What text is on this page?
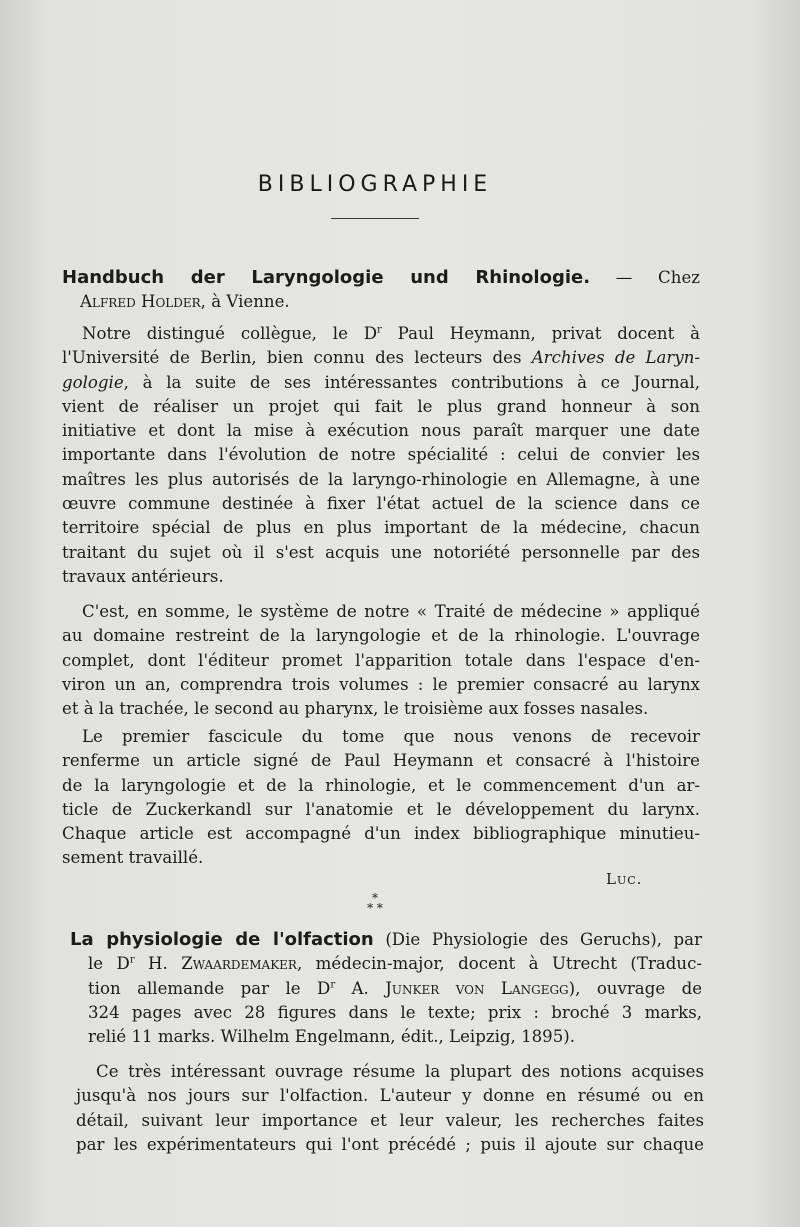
BIBLIOGRAPHIE
Handbuch der Laryngologie und Rhinologie. — Chez
Alfred Holder, à Vienne.
Notre distingué collègue, le $D^r$ Paul Heymann, privat docent à
l'Université de Berlin, bien connu des lecteurs des Archives de Laryn-
gologie, à la suite de ses intéressantes contributions à ce Journal,
vient de réaliser un projet qui fait le plus grand honneur à son
initiative et dont la mise à exécution nous paraît marquer une date
importante dans l'évolution de notre spécialité : celui de convier les
maîtres les plus autorisés de la laryngo-rhinologie en Allemagne, à une
œuvre commune destinée à fixer l'état actuel de la science dans ce
territoire spécial de plus en plus important de la médecine, chacun
traitant du sujet où il s'est acquis une notoriété personnelle par des
travaux antérieurs.
C'est, en somme, le système de notre « Traité de médecine » appliqué
au domaine restreint de la laryngologie et de la rhinologie. L'ouvrage
complet, dont l'éditeur promet l'apparition totale dans l'espace d'en-
viron un an, comprendra trois volumes : le premier consacré au larynx
et à la trachée, le second au pharynx, le troisième aux fosses nasales.
Le premier fascicule du tome que nous venons de recevoir
renferme un article signé de Paul Heymann et consacré à l'histoire
de la laryngologie et de la rhinologie, et le commencement d'un ar-
ticle de Zuckerkandl sur l'anatomie et le développement du larynx.
Chaque article est accompagné d'un index bibliographique minutieu-
sement travaillé.
Luc.
*
* *
La physiologie de l'olfaction (Die Physiologie des Geruchs), par
le $D^r$ H. Zwaardemaker, médecin-major, docent à Utrecht (Traduc-
tion allemande par le $D^r$ A. Junker von Langegg), ouvrage de
324 pages avec 28 figures dans le texte; prix : broché 3 marks,
relié 11 marks. Wilhelm Engelmann, édit., Leipzig, 1895).
Ce très intéressant ouvrage résume la plupart des notions acquises
jusqu'à nos jours sur l'olfaction. L'auteur y donne en résumé ou en
détail, suivant leur importance et leur valeur, les recherches faites
par les expérimentateurs qui l'ont précédé ; puis il ajoute sur chaque
